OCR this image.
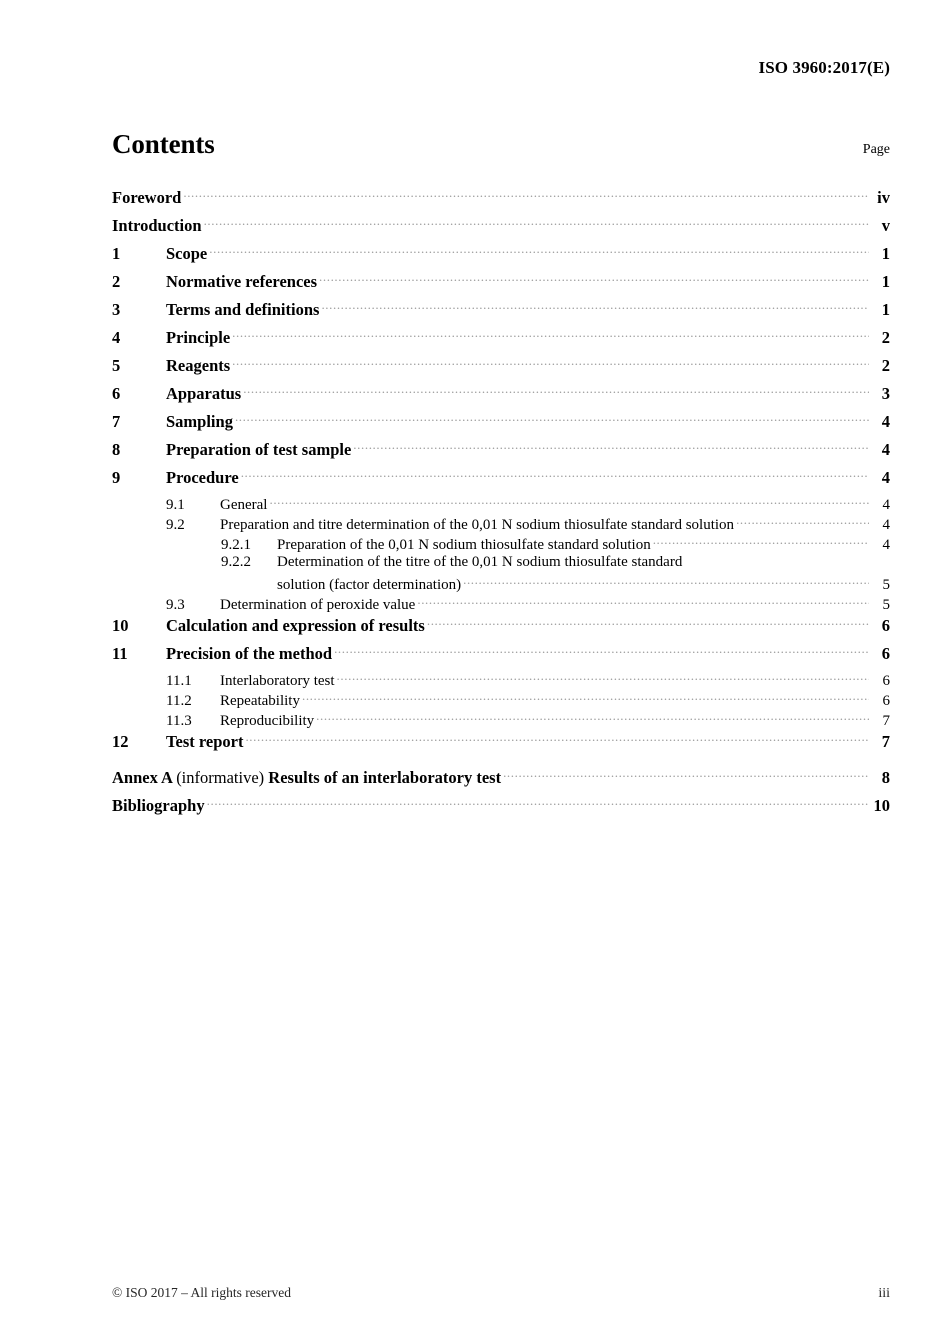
ISO 3960:2017(E)
Contents	Page
Foreword .....	iv
Introduction .....	v
1	Scope .....	1
2	Normative references .....	1
3	Terms and definitions .....	1
4	Principle .....	2
5	Reagents .....	2
6	Apparatus .....	3
7	Sampling .....	4
8	Preparation of test sample .....	4
9	Procedure .....	4
9.1	General .....	4
9.2	Preparation and titre determination of the 0,01 N sodium thiosulfate standard solution .....	4
9.2.1	Preparation of the 0,01 N sodium thiosulfate standard solution .....	4
9.2.2	Determination of the titre of the 0,01 N sodium thiosulfate standard
solution (factor determination) .....	5
9.3	Determination of peroxide value .....	5
10	Calculation and expression of results .....	6
11	Precision of the method .....	6
11.1	Interlaboratory test .....	6
11.2	Repeatability .....	6
11.3	Reproducibility .....	7
12	Test report .....	7
Annex A (informative) Results of an interlaboratory test .....	8
Bibliography .....	10
© ISO 2017 – All rights reserved	iii
